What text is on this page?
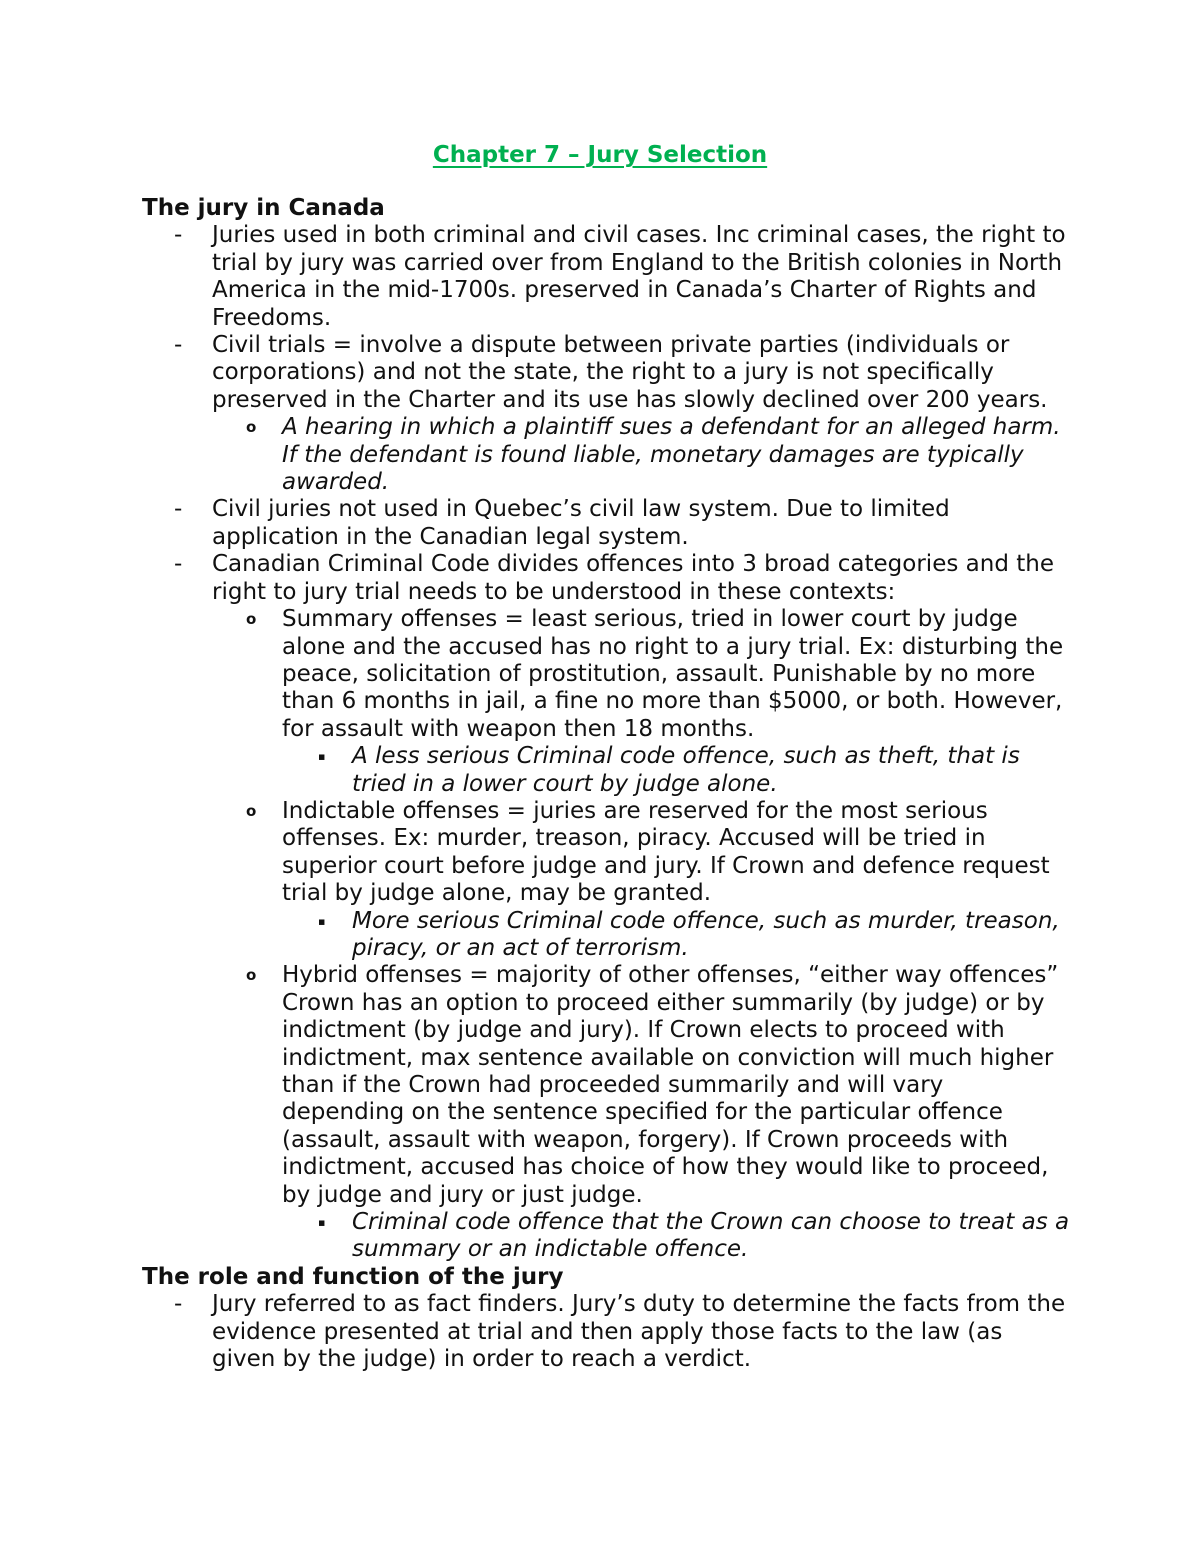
Chapter 7 – Jury Selection
The jury in Canada
- Juries used in both criminal and civil cases. Inc criminal cases, the right to trial by jury was carried over from England to the British colonies in North America in the mid-1700s. preserved in Canada’s Charter of Rights and Freedoms.
- Civil trials = involve a dispute between private parties (individuals or corporations) and not the state, the right to a jury is not specifically preserved in the Charter and its use has slowly declined over 200 years.
o A hearing in which a plaintiff sues a defendant for an alleged harm. If the defendant is found liable, monetary damages are typically awarded.
- Civil juries not used in Quebec’s civil law system. Due to limited application in the Canadian legal system.
- Canadian Criminal Code divides offences into 3 broad categories and the right to jury trial needs to be understood in these contexts:
o Summary offenses = least serious, tried in lower court by judge alone and the accused has no right to a jury trial. Ex: disturbing the peace, solicitation of prostitution, assault. Punishable by no more than 6 months in jail, a fine no more than $5000, or both. However, for assault with weapon then 18 months.
▪ A less serious Criminal code offence, such as theft, that is tried in a lower court by judge alone.
o Indictable offenses = juries are reserved for the most serious offenses. Ex: murder, treason, piracy. Accused will be tried in superior court before judge and jury. If Crown and defence request trial by judge alone, may be granted.
▪ More serious Criminal code offence, such as murder, treason, piracy, or an act of terrorism.
o Hybrid offenses = majority of other offenses, “either way offences” Crown has an option to proceed either summarily (by judge) or by indictment (by judge and jury). If Crown elects to proceed with indictment, max sentence available on conviction will much higher than if the Crown had proceeded summarily and will vary depending on the sentence specified for the particular offence (assault, assault with weapon, forgery). If Crown proceeds with indictment, accused has choice of how they would like to proceed, by judge and jury or just judge.
▪ Criminal code offence that the Crown can choose to treat as a summary or an indictable offence.
The role and function of the jury
- Jury referred to as fact finders. Jury’s duty to determine the facts from the evidence presented at trial and then apply those facts to the law (as given by the judge) in order to reach a verdict.
